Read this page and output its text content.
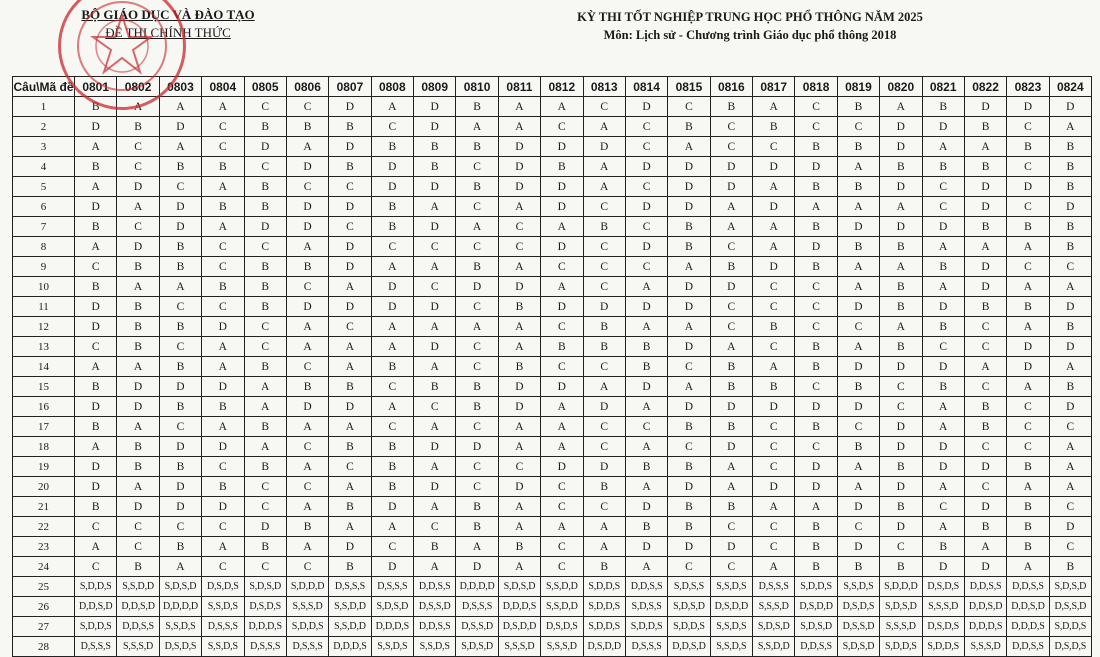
BỘ GIÁO DỤC VÀ ĐÀO TẠO
ĐỀ THI CHÍNH THỨC
KỲ THI TỐT NGHIỆP TRUNG HỌC PHỔ THÔNG NĂM 2025
Môn: Lịch sử - Chương trình Giáo dục phổ thông 2018
Câu\Mã đề	0801	0802	0803	0804	0805	0806	0807	0808	0809	0810	0811	0812	0813	0814	0815	0816	0817	0818	0819	0820	0821	0822	0823	0824
1	B	A	A	A	C	C	D	A	D	B	A	A	C	D	C	B	A	C	B	A	B	D	D	D
2	D	B	D	C	B	B	B	C	D	A	A	C	A	C	B	C	B	C	C	D	D	B	C	A
3	A	C	A	C	D	A	D	B	B	B	D	D	D	C	A	C	C	B	B	D	A	A	B	B
4	B	C	B	B	C	D	B	D	B	C	D	B	A	D	D	D	D	D	A	B	B	B	C	B
5	A	D	C	A	B	C	C	D	D	B	D	D	A	C	D	D	A	B	B	D	C	D	D	B
6	D	A	D	B	B	D	D	B	A	C	A	D	C	D	D	A	D	A	A	A	C	D	C	D
7	B	C	D	A	D	D	C	B	D	A	C	A	B	C	B	A	A	B	D	D	D	B	B	B
8	A	D	B	C	C	A	D	C	C	C	C	D	C	D	B	C	A	D	B	B	A	A	A	B
9	C	B	B	C	B	B	D	A	A	B	A	C	C	C	A	B	D	B	A	A	B	D	C	C
10	B	A	A	B	B	C	A	D	C	D	D	A	C	A	D	D	C	C	A	B	A	D	A	A
11	D	B	C	C	B	D	D	D	D	C	B	D	D	D	D	C	C	C	D	B	D	B	B	D
12	D	B	B	D	C	A	C	A	A	A	A	C	B	A	A	C	B	C	C	A	B	C	A	B
13	C	B	C	A	C	A	A	A	D	C	A	B	B	B	D	A	C	B	A	B	C	C	D	D
14	A	A	B	A	B	C	A	B	A	C	B	C	C	B	C	B	A	B	D	D	D	A	D	A
15	B	D	D	D	A	B	B	C	B	B	D	D	A	D	A	B	B	C	B	C	B	C	A	B
16	D	D	B	B	A	D	D	A	C	B	D	A	D	A	D	D	D	D	D	C	A	B	C	D
17	B	A	C	A	B	A	A	C	A	C	A	A	C	C	B	B	C	B	C	D	A	B	C	C
18	A	B	D	D	A	C	B	B	D	D	A	A	C	A	C	D	C	C	B	D	D	C	C	A
19	D	B	B	C	B	A	C	B	A	C	C	D	D	B	B	A	C	D	A	B	D	D	B	A
20	D	A	D	B	C	C	A	B	D	C	D	C	B	A	D	A	D	D	A	D	A	C	A	A
21	B	D	D	D	C	A	B	D	A	B	A	C	C	D	B	B	A	A	D	B	C	D	B	C
22	C	C	C	C	D	B	A	A	C	B	A	A	A	B	B	C	C	B	C	D	A	B	B	D
23	A	C	B	A	B	A	D	C	B	A	B	C	A	D	D	D	C	B	D	C	B	A	B	C
24	C	B	A	C	C	C	B	D	A	D	A	C	B	A	C	C	A	B	B	B	D	D	A	B
25	S,D,D,S	S,S,D,D	S,D,S,D	D,S,D,S	S,D,S,D	S,D,D,D	D,S,S,S	D,S,S,S	D,D,S,S	D,D,D,D	S,D,S,D	S,S,D,D	S,D,D,S	D,D,S,S	S,D,S,S	S,S,D,S	D,S,S,S	S,D,D,S	S,S,D,S	S,D,D,D	D,S,D,S	D,D,S,S	D,D,S,S	S,D,S,D
26	D,D,S,D	D,D,S,D	D,D,D,D	S,S,D,S	D,S,D,S	S,S,S,D	S,S,D,D	S,D,S,D	D,S,S,D	D,S,S,S	D,D,D,S	S,S,D,D	S,D,D,S	S,D,S,S	S,D,S,D	D,S,D,D	S,S,S,D	D,S,D,D	D,S,D,S	S,D,S,D	S,S,S,D	D,D,S,D	D,D,S,D	D,S,S,D
27	S,D,D,S	D,D,S,S	S,S,D,S	D,S,S,S	D,D,D,S	S,D,D,S	S,S,D,D	D,D,D,S	D,D,S,S	D,S,S,D	D,S,D,D	D,S,D,S	S,D,D,S	S,D,D,S	S,D,D,S	S,S,D,S	S,D,S,D	S,D,S,D	D,S,S,D	S,S,S,D	D,S,D,S	D,D,D,S	D,D,D,S	S,D,D,S
28	D,S,S,S	S,S,S,D	D,S,D,S	S,S,D,S	D,S,S,S	D,S,S,S	D,D,D,S	S,S,D,S	S,S,D,S	S,D,S,D	S,S,S,D	S,S,S,D	D,S,D,D	D,S,S,S	D,D,S,D	S,S,D,S	S,S,D,D	D,D,S,S	S,D,S,D	S,D,D,S	S,D,D,S	S,S,S,D	D,D,S,S	D,S,D,S
